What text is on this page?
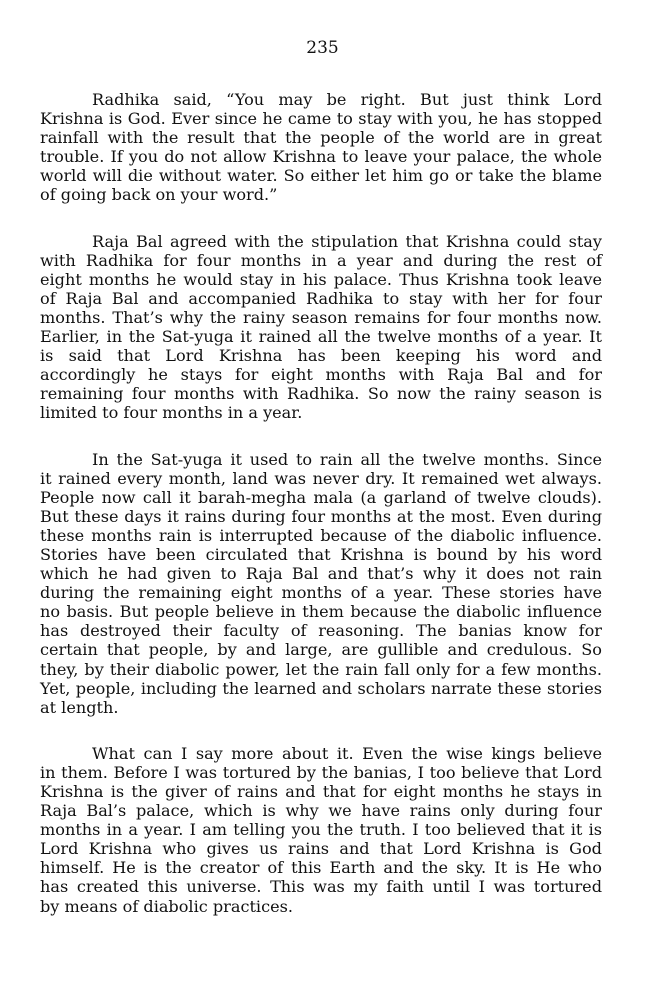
235

Radhika said, “You may be right. But just think Lord
Krishna is God. Ever since he came to stay with you, he has stopped
rainfall with the result that the people of the world are in great
trouble. If you do not allow Krishna to leave your palace, the whole
world will die without water. So either let him go or take the blame
of going back on your word.”

Raja Bal agreed with the stipulation that Krishna could stay
with Radhika for four months in a year and during the rest of
eight months he would stay in his palace. Thus Krishna took leave
of Raja Bal and accompanied Radhika to stay with her for four
months. That’s why the rainy season remains for four months now.
Earlier, in the Sat-yuga it rained all the twelve months of a year. It
is said that Lord Krishna has been keeping his word and
accordingly he stays for eight months with Raja Bal and for
remaining four months with Radhika. So now the rainy season is
limited to four months in a year.

In the Sat-yuga it used to rain all the twelve months. Since
it rained every month, land was never dry. It remained wet always.
People now call it barah-megha mala (a garland of twelve clouds).
But these days it rains during four months at the most. Even during
these months rain is interrupted because of the diabolic influence.
Stories have been circulated that Krishna is bound by his word
which he had given to Raja Bal and that’s why it does not rain
during the remaining eight months of a year. These stories have
no basis. But people believe in them because the diabolic influence
has destroyed their faculty of reasoning. The banias know for
certain that people, by and large, are gullible and credulous. So
they, by their diabolic power, let the rain fall only for a few months.
Yet, people, including the learned and scholars narrate these stories
at length.

What can I say more about it. Even the wise kings believe
in them. Before I was tortured by the banias, I too believe that Lord
Krishna is the giver of rains and that for eight months he stays in
Raja Bal’s palace, which is why we have rains only during four
months in a year. I am telling you the truth. I too believed that it is
Lord Krishna who gives us rains and that Lord Krishna is God
himself. He is the creator of this Earth and the sky. It is He who
has created this universe. This was my faith until I was tortured
by means of diabolic practices.
